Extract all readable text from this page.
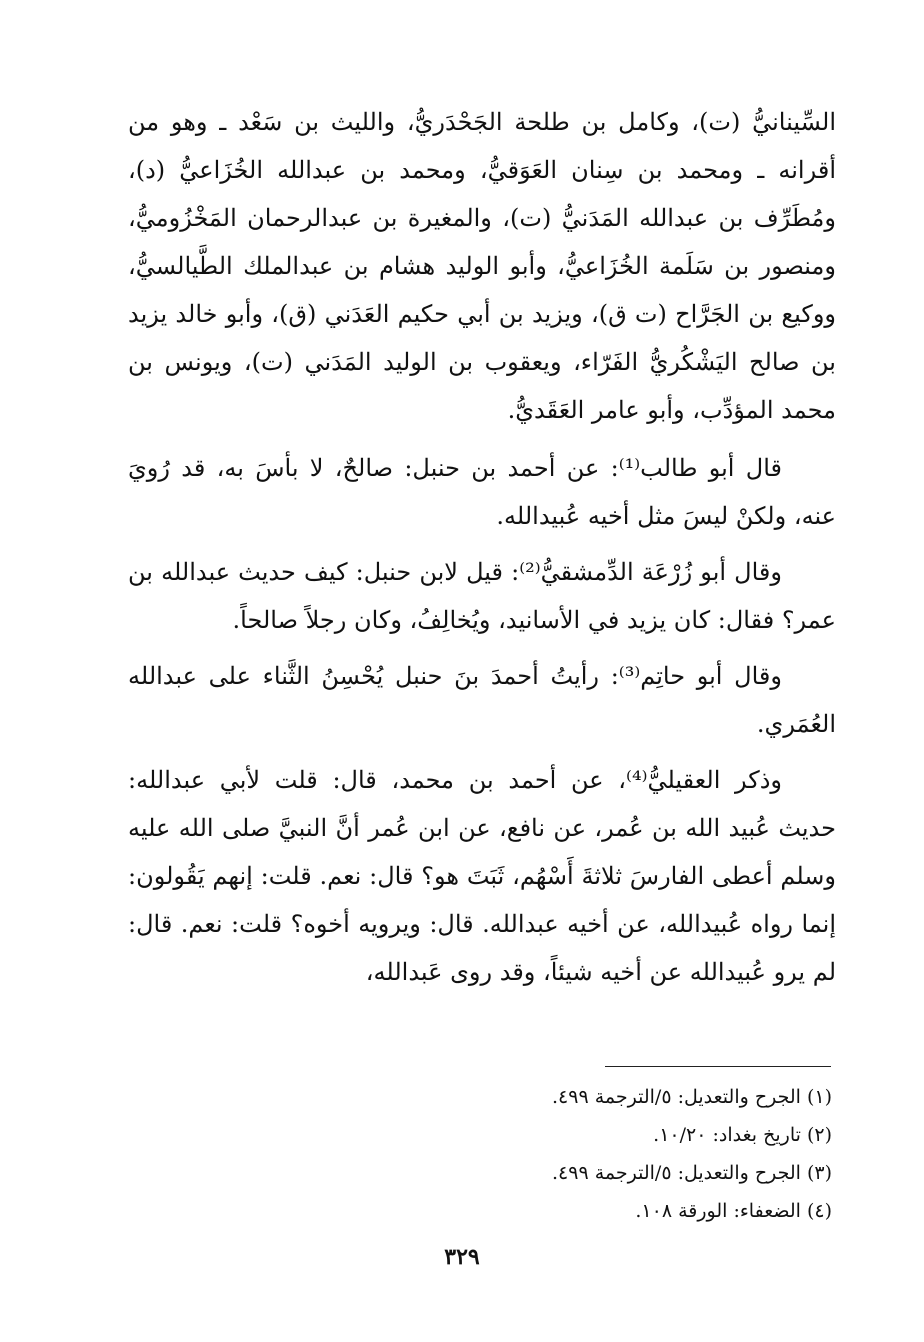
السِّينانيُّ (ت)، وكامل بن طلحة الجَحْدَريُّ، والليث بن سَعْد ـ وهو من أقرانه ـ ومحمد بن سِنان العَوَقيُّ، ومحمد بن عبدالله الخُزَاعيُّ (د)، ومُطَرِّف بن عبدالله المَدَنيُّ (ت)، والمغيرة بن عبدالرحمان المَخْزُوميُّ، ومنصور بن سَلَمة الخُزَاعيُّ، وأبو الوليد هشام بن عبدالملك الطَّيالسيُّ، ووكيع بن الجَرَّاح (ت ق)، ويزيد بن أبي حكيم العَدَني (ق)، وأبو خالد يزيد بن صالح اليَشْكُريُّ الفَرّاء، ويعقوب بن الوليد المَدَني (ت)، ويونس بن محمد المؤدِّب، وأبو عامر العَقَديُّ.

قال أبو طالب⁽¹⁾: عن أحمد بن حنبل: صالحٌ، لا بأسَ به، قد رُويَ عنه، ولكنْ ليسَ مثل أخيه عُبيدالله.

وقال أبو زُرْعَة الدِّمشقيُّ⁽²⁾: قيل لابن حنبل: كيف حديث عبدالله بن عمر؟ فقال: كان يزيد في الأسانيد، ويُخالِفُ، وكان رجلاً صالحاً.

وقال أبو حاتِم⁽³⁾: رأيتُ أحمدَ بنَ حنبل يُحْسِنُ الثَّناء على عبدالله العُمَري.

وذكر العقيليُّ⁽⁴⁾، عن أحمد بن محمد، قال: قلت لأبي عبدالله: حديث عُبيد الله بن عُمر، عن نافع، عن ابن عُمر أنَّ النبيَّ صلى الله عليه وسلم أعطى الفارسَ ثلاثةَ أَسْهُم، ثَبَتَ هو؟ قال: نعم. قلت: إنهم يَقُولون: إنما رواه عُبيدالله، عن أخيه عبدالله. قال: ويرويه أخوه؟ قلت: نعم. قال: لم يرو عُبيدالله عن أخيه شيئاً، وقد روى عَبدالله،

(١) الجرح والتعديل: ٥/الترجمة ٤٩٩.

(٢) تاريخ بغداد: ١٠/٢٠.

(٣) الجرح والتعديل: ٥/الترجمة ٤٩٩.

(٤) الضعفاء: الورقة ١٠٨.

٣٢٩
